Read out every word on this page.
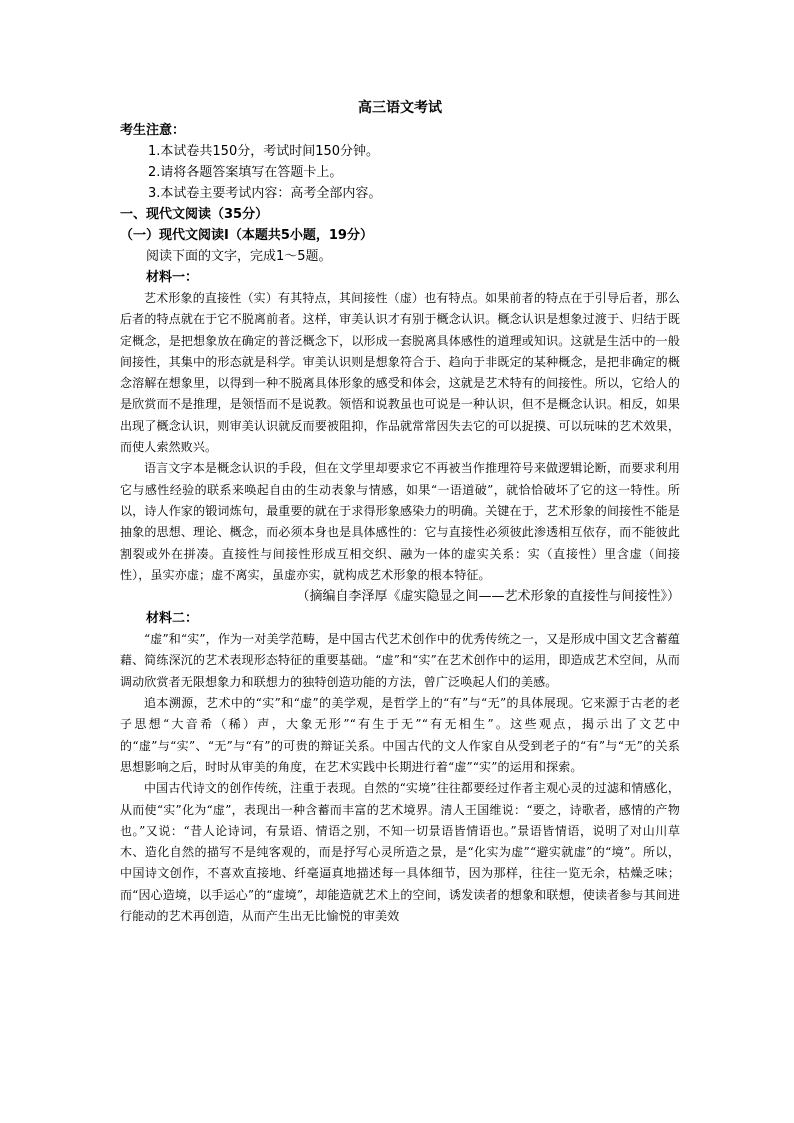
高三语文考试

考生注意：

1.本试卷共150分，考试时间150分钟。

2.请将各题答案填写在答题卡上。

3.本试卷主要考试内容：高考全部内容。

一、现代文阅读（35分）

（一）现代文阅读Ⅰ（本题共5小题，19分）

阅读下面的文字，完成1～5题。

材料一：

艺术形象的直接性（实）有其特点，其间接性（虚）也有特点。如果前者的特点在于引导后者，那么后者的特点就在于它不脱离前者。这样，审美认识才有别于概念认识。概念认识是想象过渡于、归结于既定概念，是把想象放在确定的普泛概念下，以形成一套脱离具体感性的道理或知识。这就是生活中的一般间接性，其集中的形态就是科学。审美认识则是想象符合于、趋向于非既定的某种概念，是把非确定的概念溶解在想象里，以得到一种不脱离具体形象的感受和体会，这就是艺术特有的间接性。所以，它给人的是欣赏而不是推理，是领悟而不是说教。领悟和说教虽也可说是一种认识，但不是概念认识。相反，如果出现了概念认识，则审美认识就反而要被阻抑，作品就常常因失去它的可以捉摸、可以玩味的艺术效果，而使人索然败兴。

语言文字本是概念认识的手段，但在文学里却要求它不再被当作推理符号来做逻辑论断，而要求利用它与感性经验的联系来唤起自由的生动表象与情感，如果“一语道破”，就恰恰破坏了它的这一特性。所以，诗人作家的锻词炼句，最重要的就在于求得形象感染力的明确。关键在于，艺术形象的间接性不能是抽象的思想、理论、概念，而必须本身也是具体感性的：它与直接性必须彼此渗透相互依存，而不能彼此割裂或外在拼凑。直接性与间接性形成互相交织、融为一体的虚实关系：实（直接性）里含虚（间接性），虽实亦虚；虚不离实，虽虚亦实，就构成艺术形象的根本特征。

（摘编自李泽厚《虚实隐显之间——艺术形象的直接性与间接性》）

材料二：

“虚”和“实”，作为一对美学范畴，是中国古代艺术创作中的优秀传统之一，又是形成中国文艺含蓄蕴藉、简练深沉的艺术表现形态特征的重要基础。“虚”和“实”在艺术创作中的运用，即造成艺术空间，从而调动欣赏者无限想象力和联想力的独特创造功能的方法，曾广泛唤起人们的美感。

追本溯源，艺术中的“实”和“虚”的美学观，是哲学上的“有”与“无”的具体展现。它来源于古老的老子思想“大音希（稀）声，大象无形”“有生于无”“有无相生”。这些观点，揭示出了文艺中的“虚”与“实”、“无”与“有”的可贵的辩证关系。中国古代的文人作家自从受到老子的“有”与“无”的关系思想影响之后，时时从审美的角度，在艺术实践中长期进行着“虚”“实”的运用和探索。

中国古代诗文的创作传统，注重于表现。自然的“实境”往往都要经过作者主观心灵的过滤和情感化，从而使“实”化为“虚”，表现出一种含蓄而丰富的艺术境界。清人王国维说：“要之，诗歌者，感情的产物也。”又说：“昔人论诗词，有景语、情语之别，不知一切景语皆情语也。”景语皆情语，说明了对山川草木、造化自然的描写不是纯客观的，而是抒写心灵所造之景，是“化实为虚”“避实就虚”的“境”。所以，中国诗文创作，不喜欢直接地、纤毫逼真地描述每一具体细节，因为那样，往往一览无余，枯燥乏味；而“因心造境，以手运心”的“虚境”，却能造就艺术上的空间，诱发读者的想象和联想，使读者参与其间进行能动的艺术再创造，从而产生出无比愉悦的审美效
